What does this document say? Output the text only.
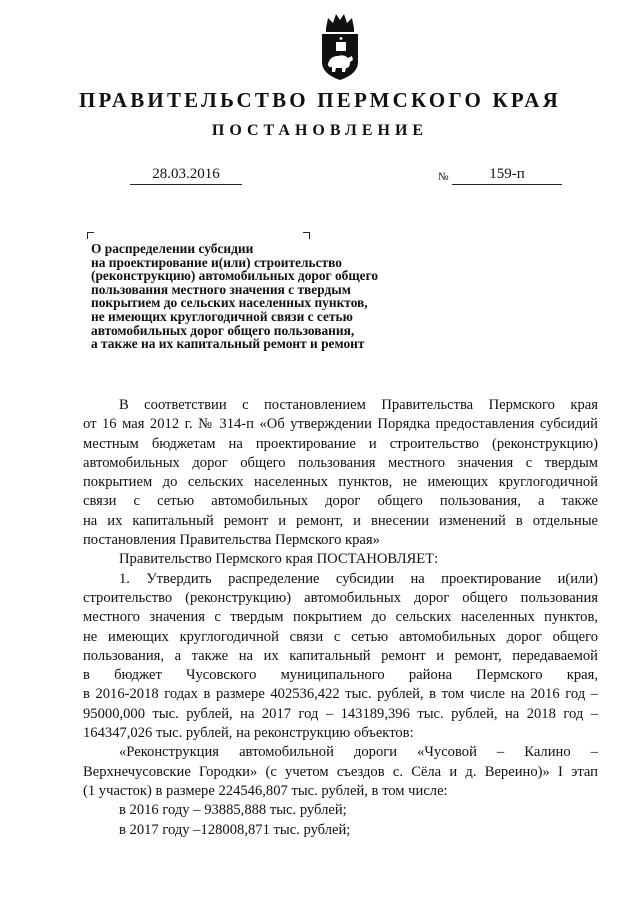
ПРАВИТЕЛЬСТВО ПЕРМСКОГО КРАЯ
ПОСТАНОВЛЕНИЕ
28.03.2016	№	159-п
О распределении субсидии
на проектирование и(или) строительство
(реконструкцию) автомобильных дорог общего
пользования местного значения с твердым
покрытием до сельских населенных пунктов,
не имеющих круглогодичной связи с сетью
автомобильных дорог общего пользования,
а также на их капитальный ремонт и ремонт
В соответствии с постановлением Правительства Пермского края
от 16 мая 2012 г. № 314-п «Об утверждении Порядка предоставления субсидий
местным бюджетам на проектирование и строительство (реконструкцию)
автомобильных дорог общего пользования местного значения с твердым
покрытием до сельских населенных пунктов, не имеющих круглогодичной
связи с сетью автомобильных дорог общего пользования, а также
на их капитальный ремонт и ремонт, и внесении изменений в отдельные
постановления Правительства Пермского края»
Правительство Пермского края ПОСТАНОВЛЯЕТ:
1. Утвердить распределение субсидии на проектирование и(или)
строительство (реконструкцию) автомобильных дорог общего пользования
местного значения с твердым покрытием до сельских населенных пунктов,
не имеющих круглогодичной связи с сетью автомобильных дорог общего
пользования, а также на их капитальный ремонт и ремонт, передаваемой
в бюджет Чусовского муниципального района Пермского края,
в 2016-2018 годах в размере 402536,422 тыс. рублей, в том числе на 2016 год –
95000,000 тыс. рублей, на 2017 год – 143189,396 тыс. рублей, на 2018 год –
164347,026 тыс. рублей, на реконструкцию объектов:
«Реконструкция автомобильной дороги «Чусовой – Калино –
Верхнечусовские Городки» (с учетом съездов с. Сёла и д. Вереино)» I этап
(1 участок) в размере 224546,807 тыс. рублей, в том числе:
в 2016 году – 93885,888 тыс. рублей;
в 2017 году –128008,871 тыс. рублей;
